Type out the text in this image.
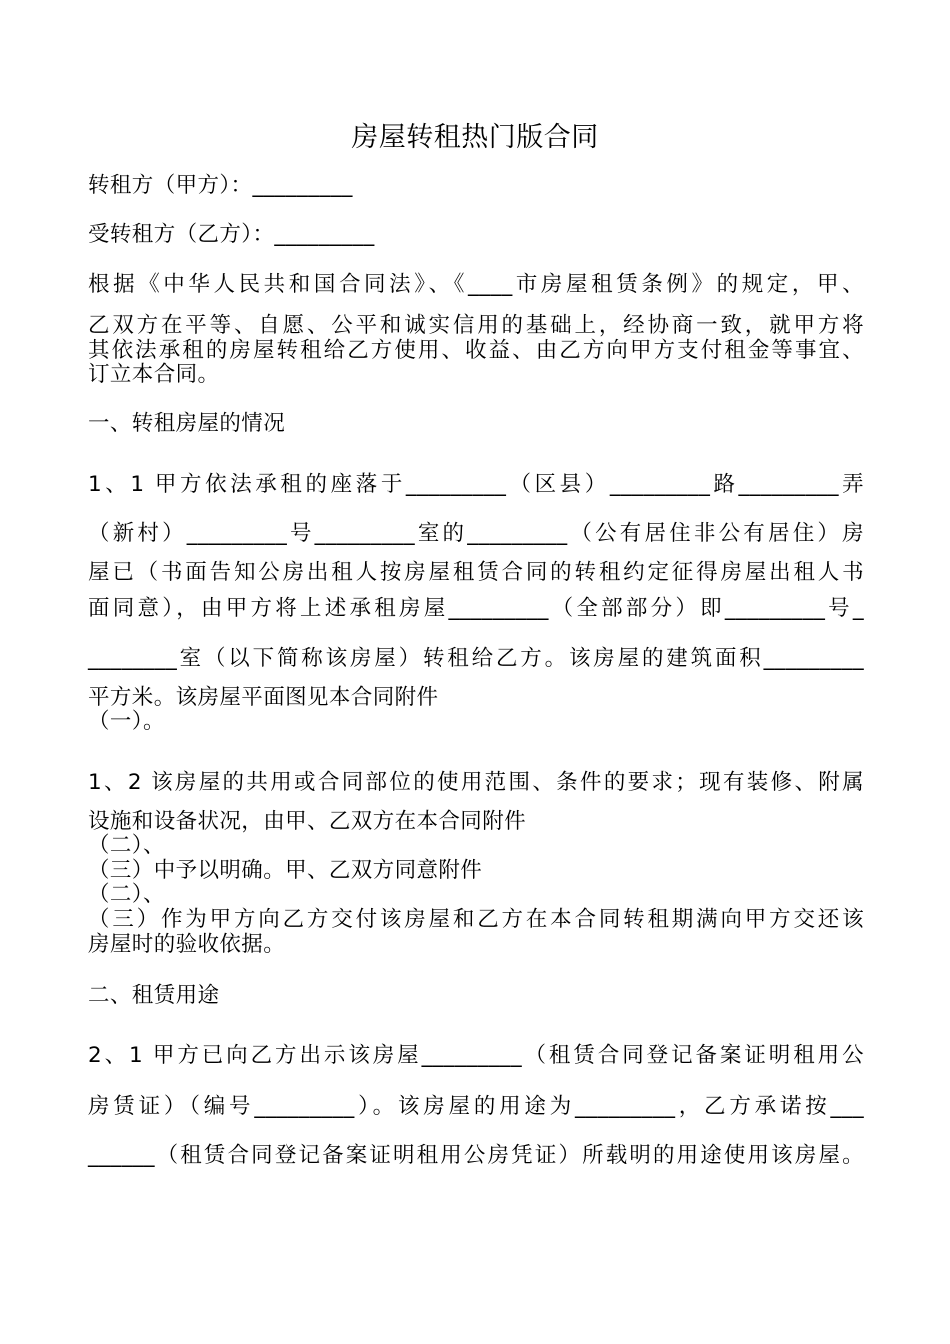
房屋转租热门版合同
转租方（甲方）：_________
受转租方（乙方）：_________
根据《中华人民共和国合同法》、《____市房屋租赁条例》的规定，甲、
乙双方在平等、自愿、公平和诚实信用的基础上，经协商一致，就甲方将
其依法承租的房屋转租给乙方使用、收益、由乙方向甲方支付租金等事宜、
订立本合同。
一、转租房屋的情况
1、1 甲方依法承租的座落于_________（区县）_________路_________弄
（新村）_________号_________室的_________（公有居住非公有居住）房
屋已（书面告知公房出租人按房屋租赁合同的转租约定征得房屋出租人书
面同意），由甲方将上述承租房屋_________（全部部分）即_________号_
________室（以下简称该房屋）转租给乙方。该房屋的建筑面积_________
平方米。该房屋平面图见本合同附件
（一）。
1、2 该房屋的共用或合同部位的使用范围、条件的要求；现有装修、附属
设施和设备状况，由甲、乙双方在本合同附件
（二）、
（三）中予以明确。甲、乙双方同意附件
（二）、
（三）作为甲方向乙方交付该房屋和乙方在本合同转租期满向甲方交还该
房屋时的验收依据。
二、租赁用途
2、1 甲方已向乙方出示该房屋_________（租赁合同登记备案证明租用公
房赁证）（编号_________）。该房屋的用途为_________，乙方承诺按___
______（租赁合同登记备案证明租用公房凭证）所载明的用途使用该房屋。
